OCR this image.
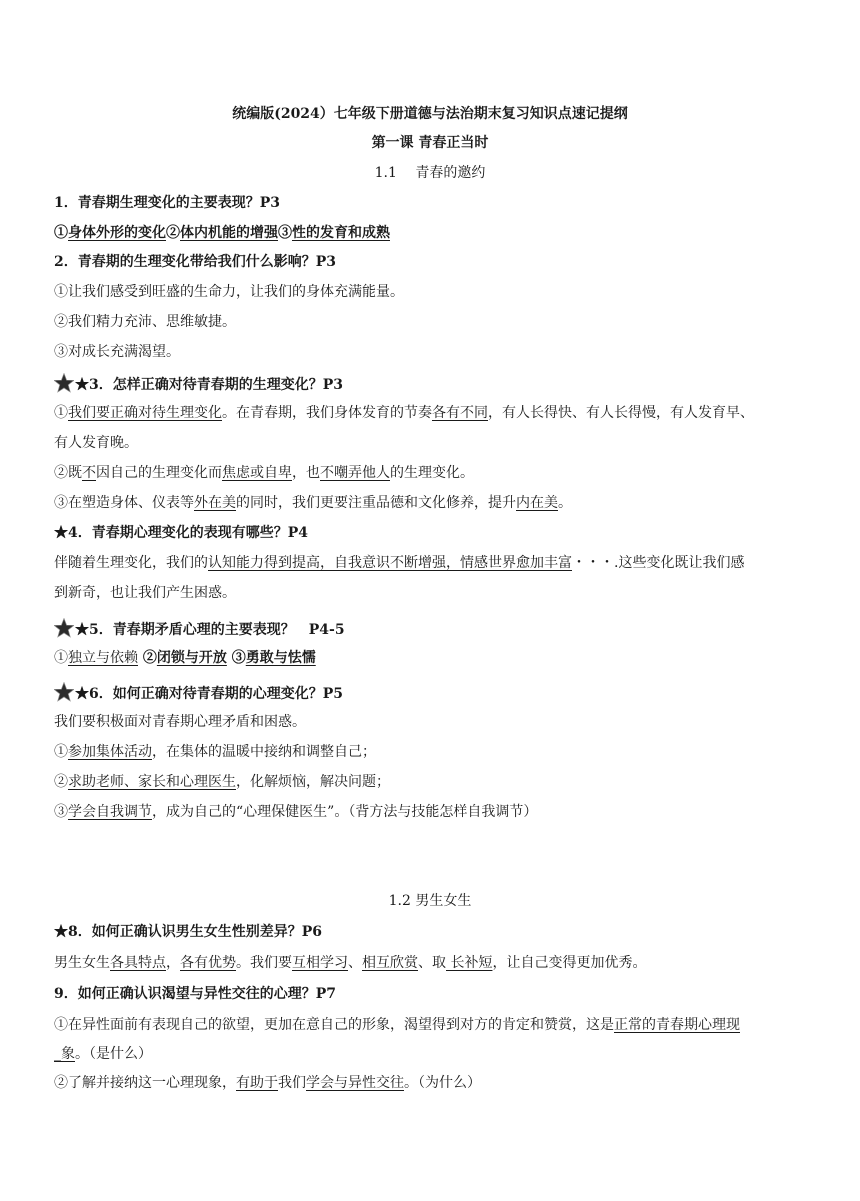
统编版(2024）七年级下册道德与法治期末复习知识点速记提纲
第一课 青春正当时
1.1　 青春的邀约
1．青春期生理变化的主要表现？P3
①身体外形的变化②体内机能的增强③性的发育和成熟
2．青春期的生理变化带给我们什么影响？P3
①让我们感受到旺盛的生命力，让我们的身体充满能量。
②我们精力充沛、思维敏捷。
③对成长充满渴望。
★3．怎样正确对待青春期的生理变化？P3
①我们要正确对待生理变化。在青春期，我们身体发育的节奏各有不同，有人长得快、有人长得慢，有人发育早、
有人发育晚。
②既不因自己的生理变化而焦虑或自卑，也不嘲弄他人的生理变化。
③在塑造身体、仪表等外在美的同时，我们更要注重品德和文化修养，提升内在美。
★4．青春期心理变化的表现有哪些？P4
伴随着生理变化，我们的认知能力得到提高，自我意识不断增强，情感世界愈加丰富・・・.这些变化既让我们感
到新奇，也让我们产生困惑。
★5．青春期矛盾心理的主要表现？　P4-5
①独立与依赖 ②闭锁与开放 ③勇敢与怯懦
★6．如何正确对待青春期的心理变化？P5
我们要积极面对青春期心理矛盾和困惑。
①参加集体活动，在集体的温暖中接纳和调整自己；
②求助老师、家长和心理医生，化解烦恼，解决问题；
③学会自我调节，成为自己的“心理保健医生”。（背方法与技能怎样自我调节）
1.2 男生女生
★8．如何正确认识男生女生性别差异？P6
男生女生各具特点，各有优势。我们要互相学习、相互欣赏、取 长补短，让自己变得更加优秀。
9．如何正确认识渴望与异性交往的心理？P7
①在异性面前有表现自己的欲望，更加在意自己的形象，渴望得到对方的肯定和赞赏，这是正常的青春期心理现
_象。（是什么）
②了解并接纳这一心理现象，有助于我们学会与异性交往。（为什么）
